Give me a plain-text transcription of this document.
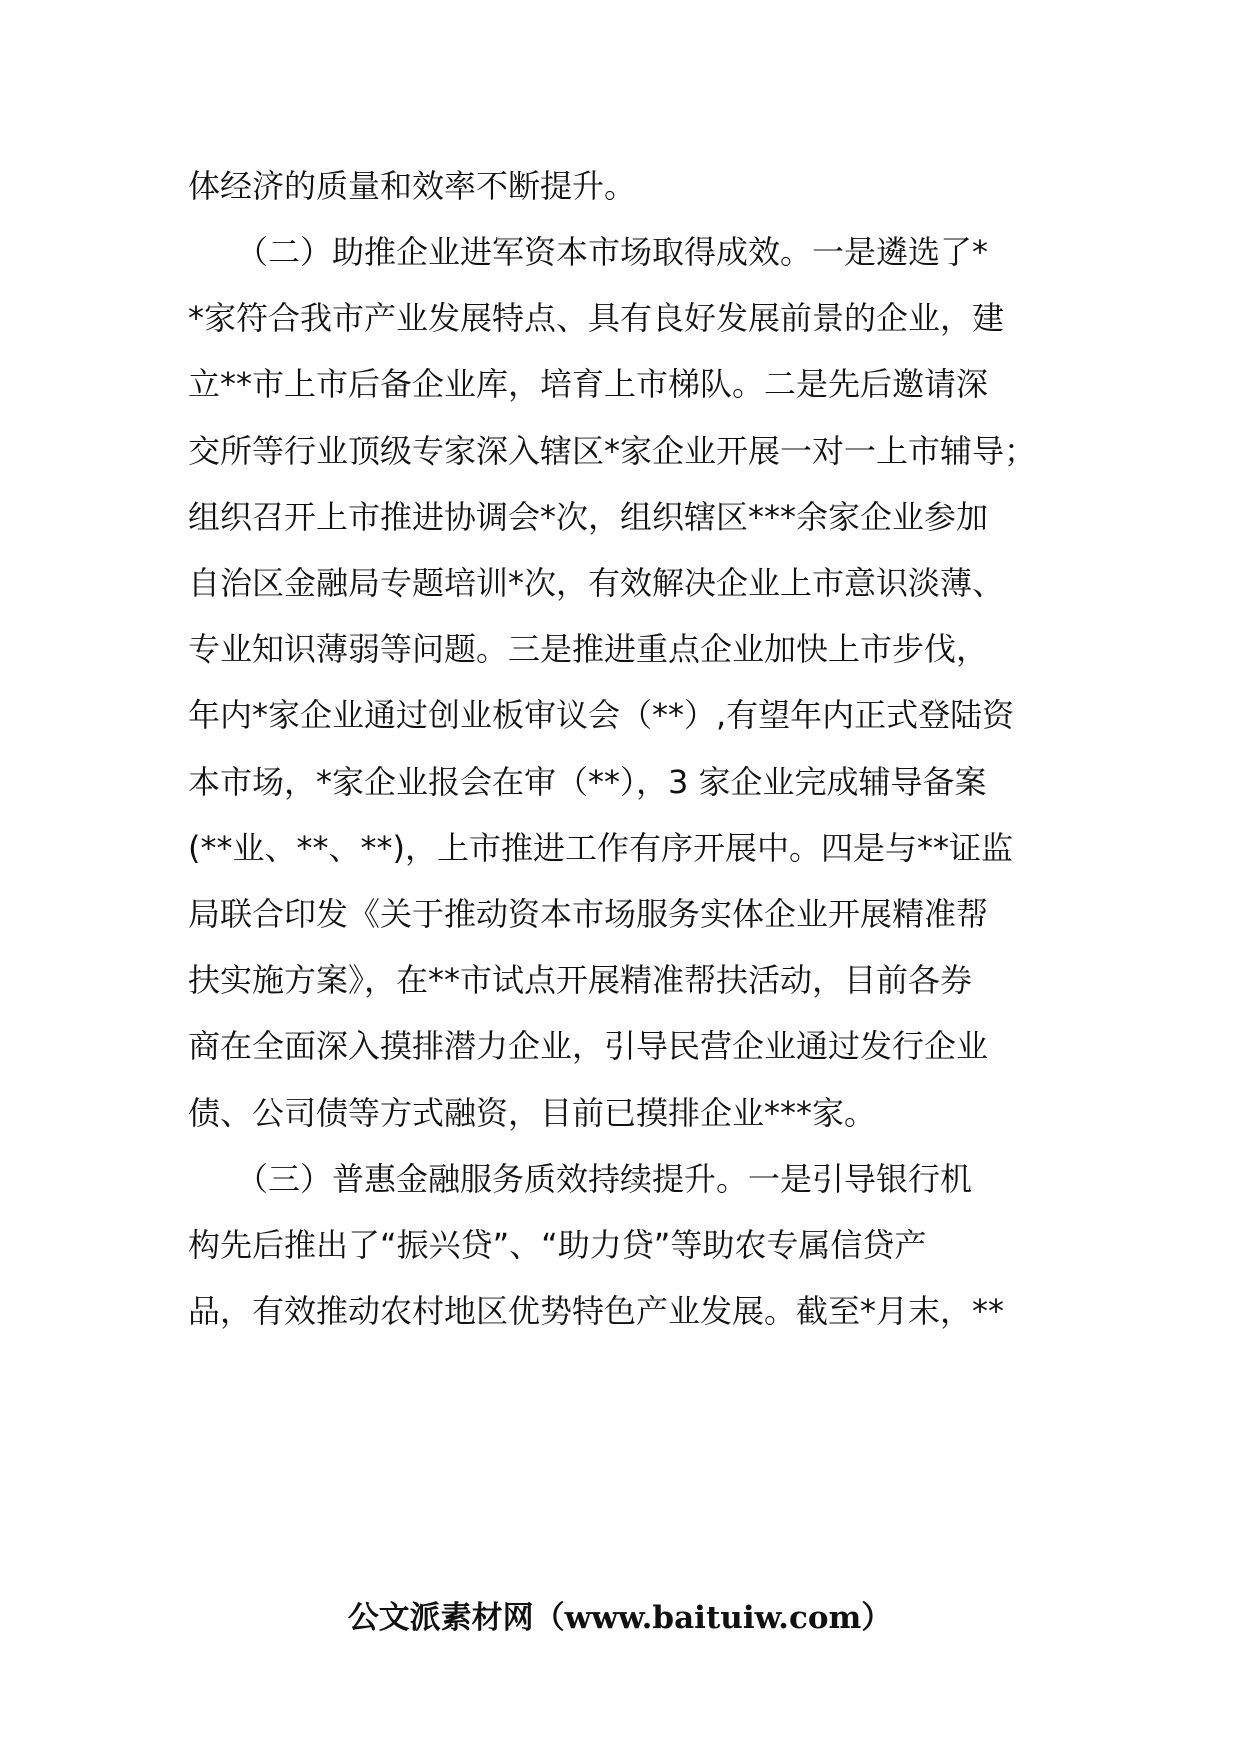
体经济的质量和效率不断提升。
　　（二）助推企业进军资本市场取得成效。一是遴选了*
*家符合我市产业发展特点、具有良好发展前景的企业，建
立**市上市后备企业库，培育上市梯队。二是先后邀请深
交所等行业顶级专家深入辖区*家企业开展一对一上市辅导；
组织召开上市推进协调会*次，组织辖区***余家企业参加
自治区金融局专题培训*次，有效解决企业上市意识淡薄、
专业知识薄弱等问题。三是推进重点企业加快上市步伐，
年内*家企业通过创业板审议会（**）,有望年内正式登陆资
本市场，*家企业报会在审（**），3 家企业完成辅导备案
(**业、**、**)，上市推进工作有序开展中。四是与**证监
局联合印发《关于推动资本市场服务实体企业开展精准帮
扶实施方案》，在**市试点开展精准帮扶活动，目前各券
商在全面深入摸排潜力企业，引导民营企业通过发行企业
债、公司债等方式融资，目前已摸排企业***家。
　　（三）普惠金融服务质效持续提升。一是引导银行机
构先后推出了“振兴贷”、“助力贷”等助农专属信贷产
品，有效推动农村地区优势特色产业发展。截至*月末，**
公文派素材网（www.baituiw.com）
